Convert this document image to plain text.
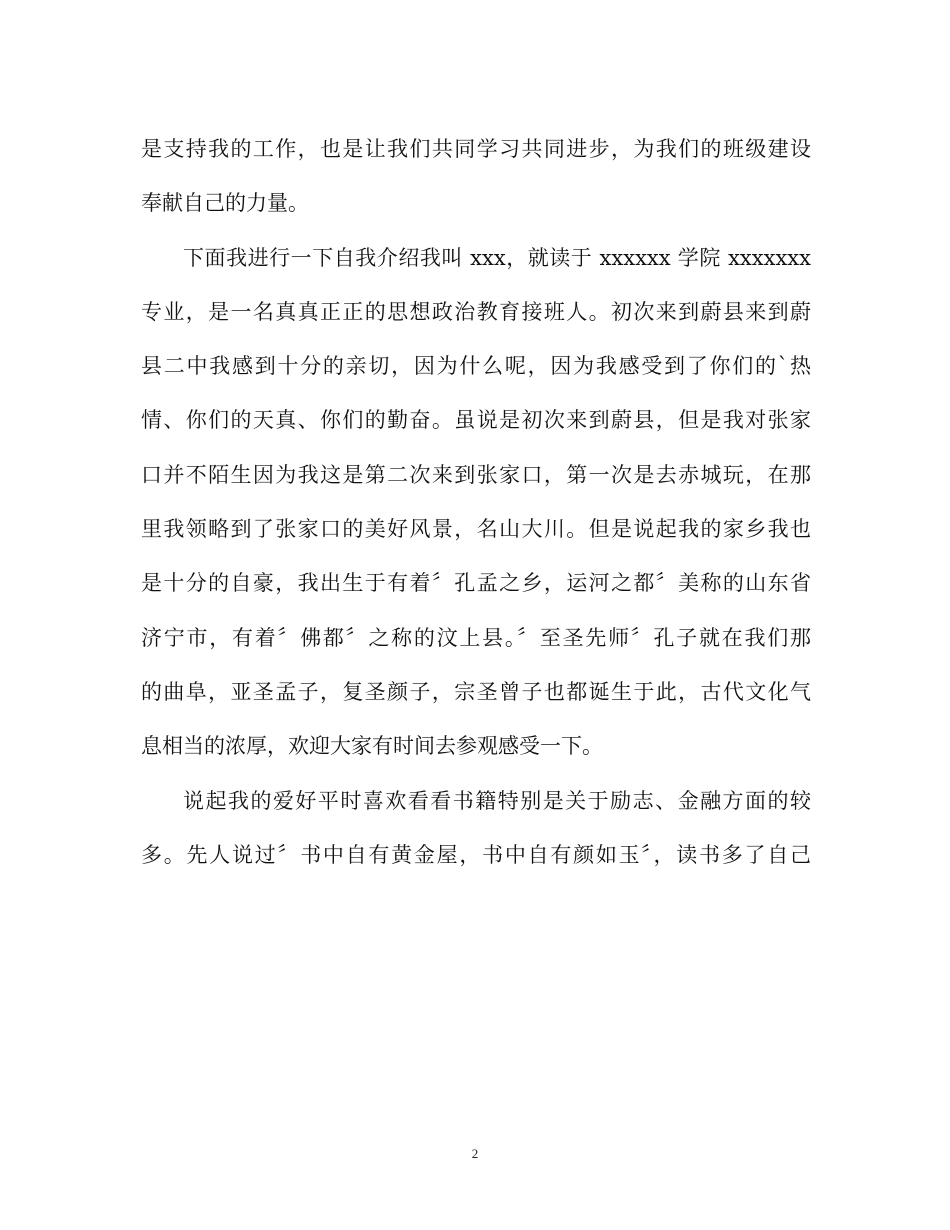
是支持我的工作，也是让我们共同学习共同进步，为我们的班级建设
奉献自己的力量。
下面我进行一下自我介绍我叫 xxx，就读于 xxxxxx 学院 xxxxxxx
专业，是一名真真正正的思想政治教育接班人。初次来到蔚县来到蔚
县二中我感到十分的亲切，因为什么呢，因为我感受到了你们的`热
情、你们的天真、你们的勤奋。虽说是初次来到蔚县，但是我对张家
口并不陌生因为我这是第二次来到张家口，第一次是去赤城玩，在那
里我领略到了张家口的美好风景，名山大川。但是说起我的家乡我也
是十分的自豪，我出生于有着〞孔孟之乡，运河之都〞美称的山东省
济宁市，有着〞佛都〞之称的汶上县。〞至圣先师〞孔子就在我们那
的曲阜，亚圣孟子，复圣颜子，宗圣曾子也都诞生于此，古代文化气
息相当的浓厚，欢迎大家有时间去参观感受一下。
说起我的爱好平时喜欢看看书籍特别是关于励志、金融方面的较
多。先人说过〞书中自有黄金屋，书中自有颜如玉〞，读书多了自己
2
